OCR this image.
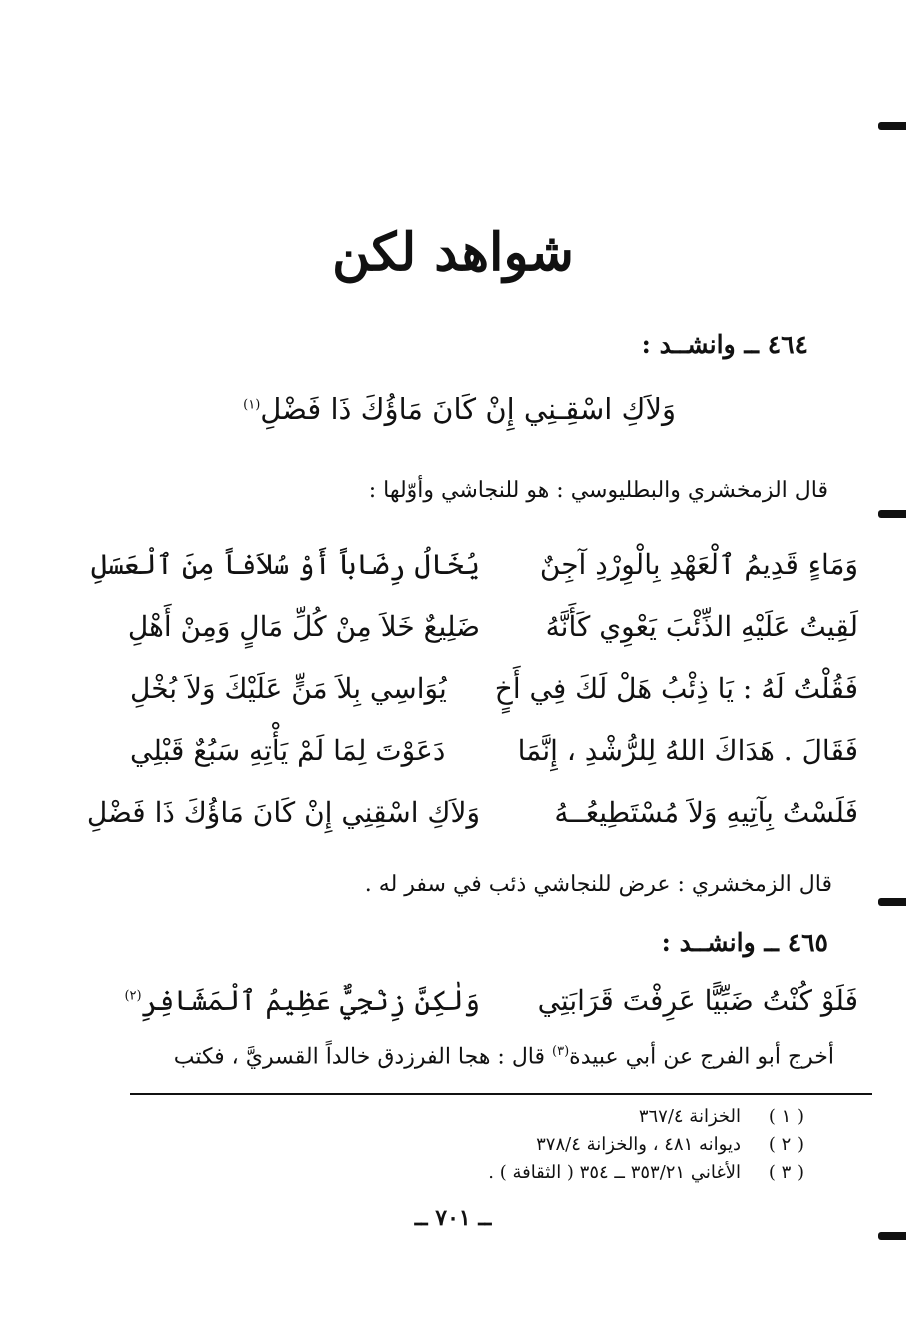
شواهد لكن
٤٦٤ ــ وانشــد :
وَلاَكِ اسْقِـنِي إِنْ كَانَ مَاؤُكَ ذَا فَضْلِ$^{(١)}$
قال الزمخشري والبطليوسي : هو للنجاشي وأوّلها :
وَمَاءٍ قَدِيمُ ٱلْعَهْدِ بِالْوِرْدِ آجِنٌ
يُخَالُ رِضَاباً أَوْ سُلاَفاً مِنَ ٱلْعَسَلِ
لَقِيتُ عَلَيْهِ الذِّئْبَ يَعْوِي كَأَنَّهُ
ضَلِيعٌ خَلاَ مِنْ كُلِّ مَالٍ وَمِنْ أَهْلِ
فَقُلْتُ لَهُ : يَا ذِئْبُ هَلْ لَكَ فِي أَخٍ
يُوَاسِي بِلاَ مَنٍّ عَلَيْكَ وَلاَ بُخْلِ
فَقَالَ . هَدَاكَ اللهُ لِلرُّشْدِ ، إِنَّمَا
دَعَوْتَ لِمَا لَمْ يَأْتِهِ سَبُعٌ قَبْلِي
فَلَسْتُ بِآتِيهِ وَلاَ مُسْتَطِيعُــهُ
وَلاَكِ اسْقِنِي إِنْ كَانَ مَاؤُكَ ذَا فَضْلِ
قال الزمخشري : عرض للنجاشي ذئب في سفر له .
٤٦٥ ــ وانشــد :
فَلَوْ كُنْتُ ضَبِّيًّا عَرِفْتَ قَرَابَتِي
وَلٰكِنَّ زِنْجِيٌّ عَظِيمُ ٱلْمَشَافِرِ$^{(٢)}$
أخرج أبو الفرج عن أبي عبيدة$^{(٣)}$ قال : هجا الفرزدق خالداً القسريَّ ، فكتب
( ١ )
الخزانة ٣٦٧/٤
( ٢ )
ديوانه ٤٨١ ، والخزانة ٣٧٨/٤
( ٣ )
الأغاني ٣٥٣/٢١ ــ ٣٥٤ ( الثقافة ) .
ــ ٧٠١ ــ
